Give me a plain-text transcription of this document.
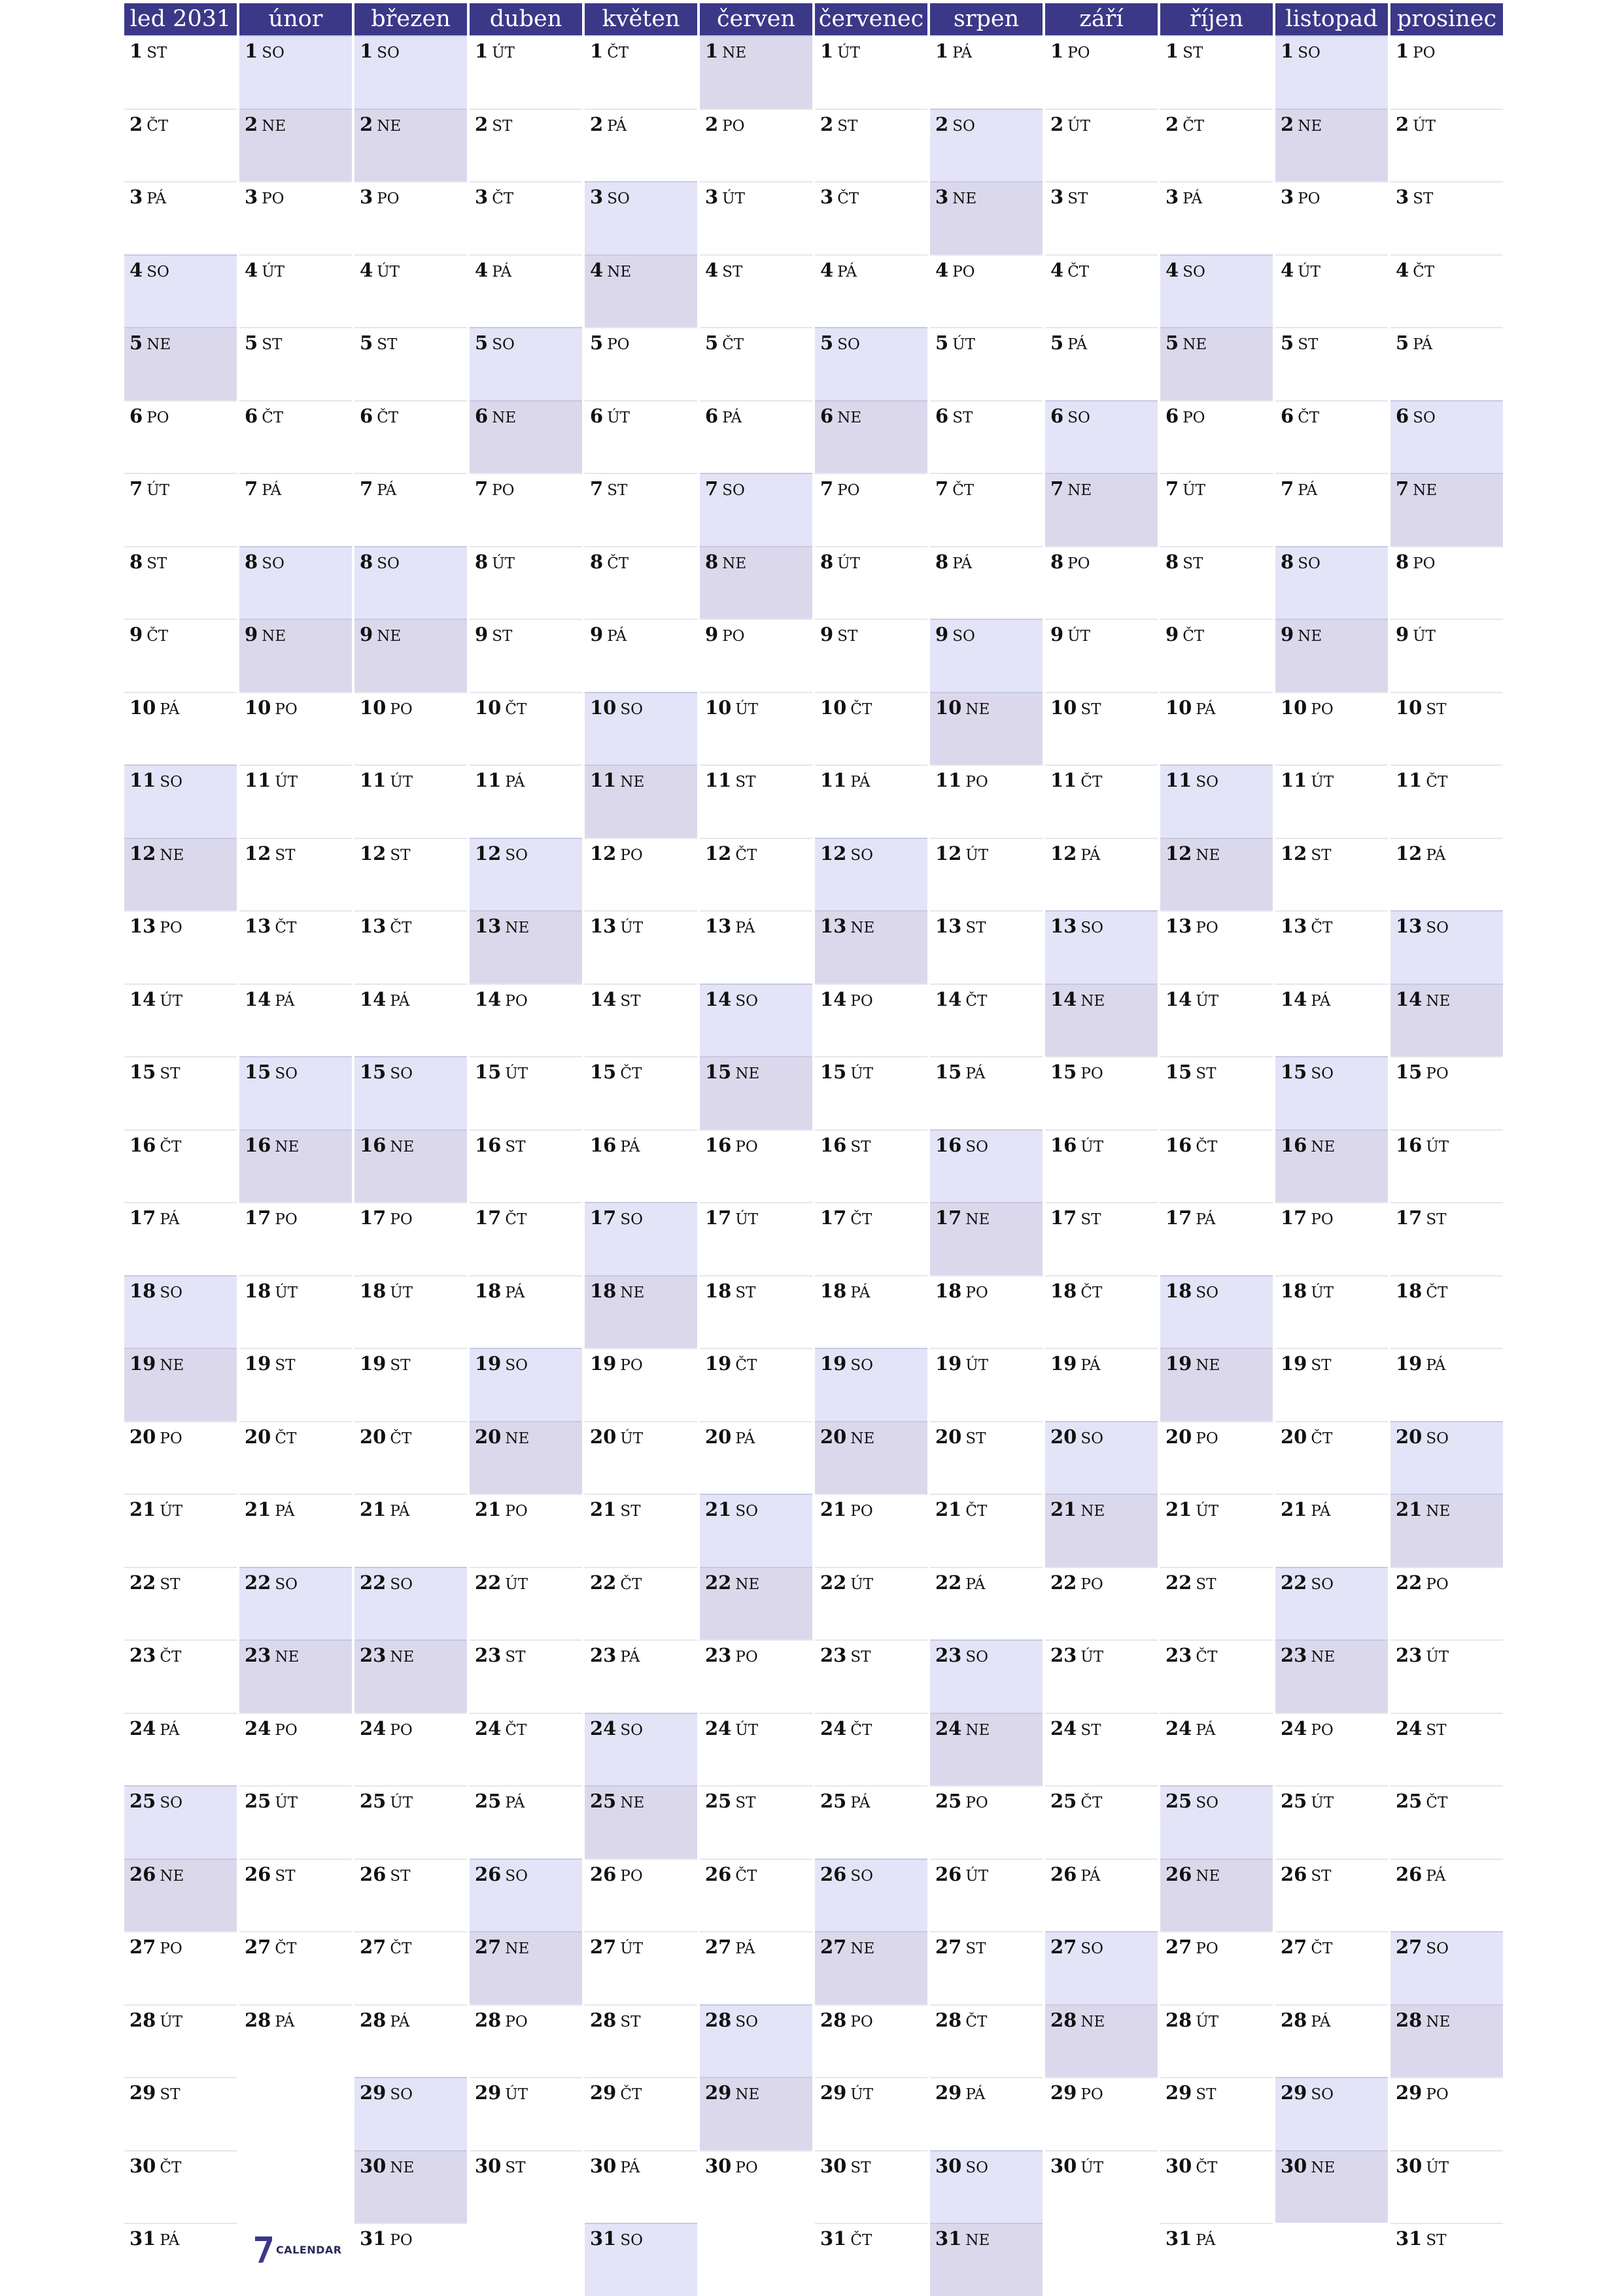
led 2031
1 ST
2 ČT
3 PÁ
4 SO
5 NE
6 PO
7 ÚT
8 ST
9 ČT
10 PÁ
11 SO
12 NE
13 PO
14 ÚT
15 ST
16 ČT
17 PÁ
18 SO
19 NE
20 PO
21 ÚT
22 ST
23 ČT
24 PÁ
25 SO
26 NE
27 PO
28 ÚT
29 ST
30 ČT
31 PÁ
únor
1 SO
2 NE
3 PO
4 ÚT
5 ST
6 ČT
7 PÁ
8 SO
9 NE
10 PO
11 ÚT
12 ST
13 ČT
14 PÁ
15 SO
16 NE
17 PO
18 ÚT
19 ST
20 ČT
21 PÁ
22 SO
23 NE
24 PO
25 ÚT
26 ST
27 ČT
28 PÁ
březen
1 SO
2 NE
3 PO
4 ÚT
5 ST
6 ČT
7 PÁ
8 SO
9 NE
10 PO
11 ÚT
12 ST
13 ČT
14 PÁ
15 SO
16 NE
17 PO
18 ÚT
19 ST
20 ČT
21 PÁ
22 SO
23 NE
24 PO
25 ÚT
26 ST
27 ČT
28 PÁ
29 SO
30 NE
31 PO
duben
1 ÚT
2 ST
3 ČT
4 PÁ
5 SO
6 NE
7 PO
8 ÚT
9 ST
10 ČT
11 PÁ
12 SO
13 NE
14 PO
15 ÚT
16 ST
17 ČT
18 PÁ
19 SO
20 NE
21 PO
22 ÚT
23 ST
24 ČT
25 PÁ
26 SO
27 NE
28 PO
29 ÚT
30 ST
květen
1 ČT
2 PÁ
3 SO
4 NE
5 PO
6 ÚT
7 ST
8 ČT
9 PÁ
10 SO
11 NE
12 PO
13 ÚT
14 ST
15 ČT
16 PÁ
17 SO
18 NE
19 PO
20 ÚT
21 ST
22 ČT
23 PÁ
24 SO
25 NE
26 PO
27 ÚT
28 ST
29 ČT
30 PÁ
31 SO
červen
1 NE
2 PO
3 ÚT
4 ST
5 ČT
6 PÁ
7 SO
8 NE
9 PO
10 ÚT
11 ST
12 ČT
13 PÁ
14 SO
15 NE
16 PO
17 ÚT
18 ST
19 ČT
20 PÁ
21 SO
22 NE
23 PO
24 ÚT
25 ST
26 ČT
27 PÁ
28 SO
29 NE
30 PO
červenec
1 ÚT
2 ST
3 ČT
4 PÁ
5 SO
6 NE
7 PO
8 ÚT
9 ST
10 ČT
11 PÁ
12 SO
13 NE
14 PO
15 ÚT
16 ST
17 ČT
18 PÁ
19 SO
20 NE
21 PO
22 ÚT
23 ST
24 ČT
25 PÁ
26 SO
27 NE
28 PO
29 ÚT
30 ST
31 ČT
srpen
1 PÁ
2 SO
3 NE
4 PO
5 ÚT
6 ST
7 ČT
8 PÁ
9 SO
10 NE
11 PO
12 ÚT
13 ST
14 ČT
15 PÁ
16 SO
17 NE
18 PO
19 ÚT
20 ST
21 ČT
22 PÁ
23 SO
24 NE
25 PO
26 ÚT
27 ST
28 ČT
29 PÁ
30 SO
31 NE
září
1 PO
2 ÚT
3 ST
4 ČT
5 PÁ
6 SO
7 NE
8 PO
9 ÚT
10 ST
11 ČT
12 PÁ
13 SO
14 NE
15 PO
16 ÚT
17 ST
18 ČT
19 PÁ
20 SO
21 NE
22 PO
23 ÚT
24 ST
25 ČT
26 PÁ
27 SO
28 NE
29 PO
30 ÚT
říjen
1 ST
2 ČT
3 PÁ
4 SO
5 NE
6 PO
7 ÚT
8 ST
9 ČT
10 PÁ
11 SO
12 NE
13 PO
14 ÚT
15 ST
16 ČT
17 PÁ
18 SO
19 NE
20 PO
21 ÚT
22 ST
23 ČT
24 PÁ
25 SO
26 NE
27 PO
28 ÚT
29 ST
30 ČT
31 PÁ
listopad
1 SO
2 NE
3 PO
4 ÚT
5 ST
6 ČT
7 PÁ
8 SO
9 NE
10 PO
11 ÚT
12 ST
13 ČT
14 PÁ
15 SO
16 NE
17 PO
18 ÚT
19 ST
20 ČT
21 PÁ
22 SO
23 NE
24 PO
25 ÚT
26 ST
27 ČT
28 PÁ
29 SO
30 NE
prosinec
1 PO
2 ÚT
3 ST
4 ČT
5 PÁ
6 SO
7 NE
8 PO
9 ÚT
10 ST
11 ČT
12 PÁ
13 SO
14 NE
15 PO
16 ÚT
17 ST
18 ČT
19 PÁ
20 SO
21 NE
22 PO
23 ÚT
24 ST
25 ČT
26 PÁ
27 SO
28 NE
29 PO
30 ÚT
31 ST
CALENDAR
